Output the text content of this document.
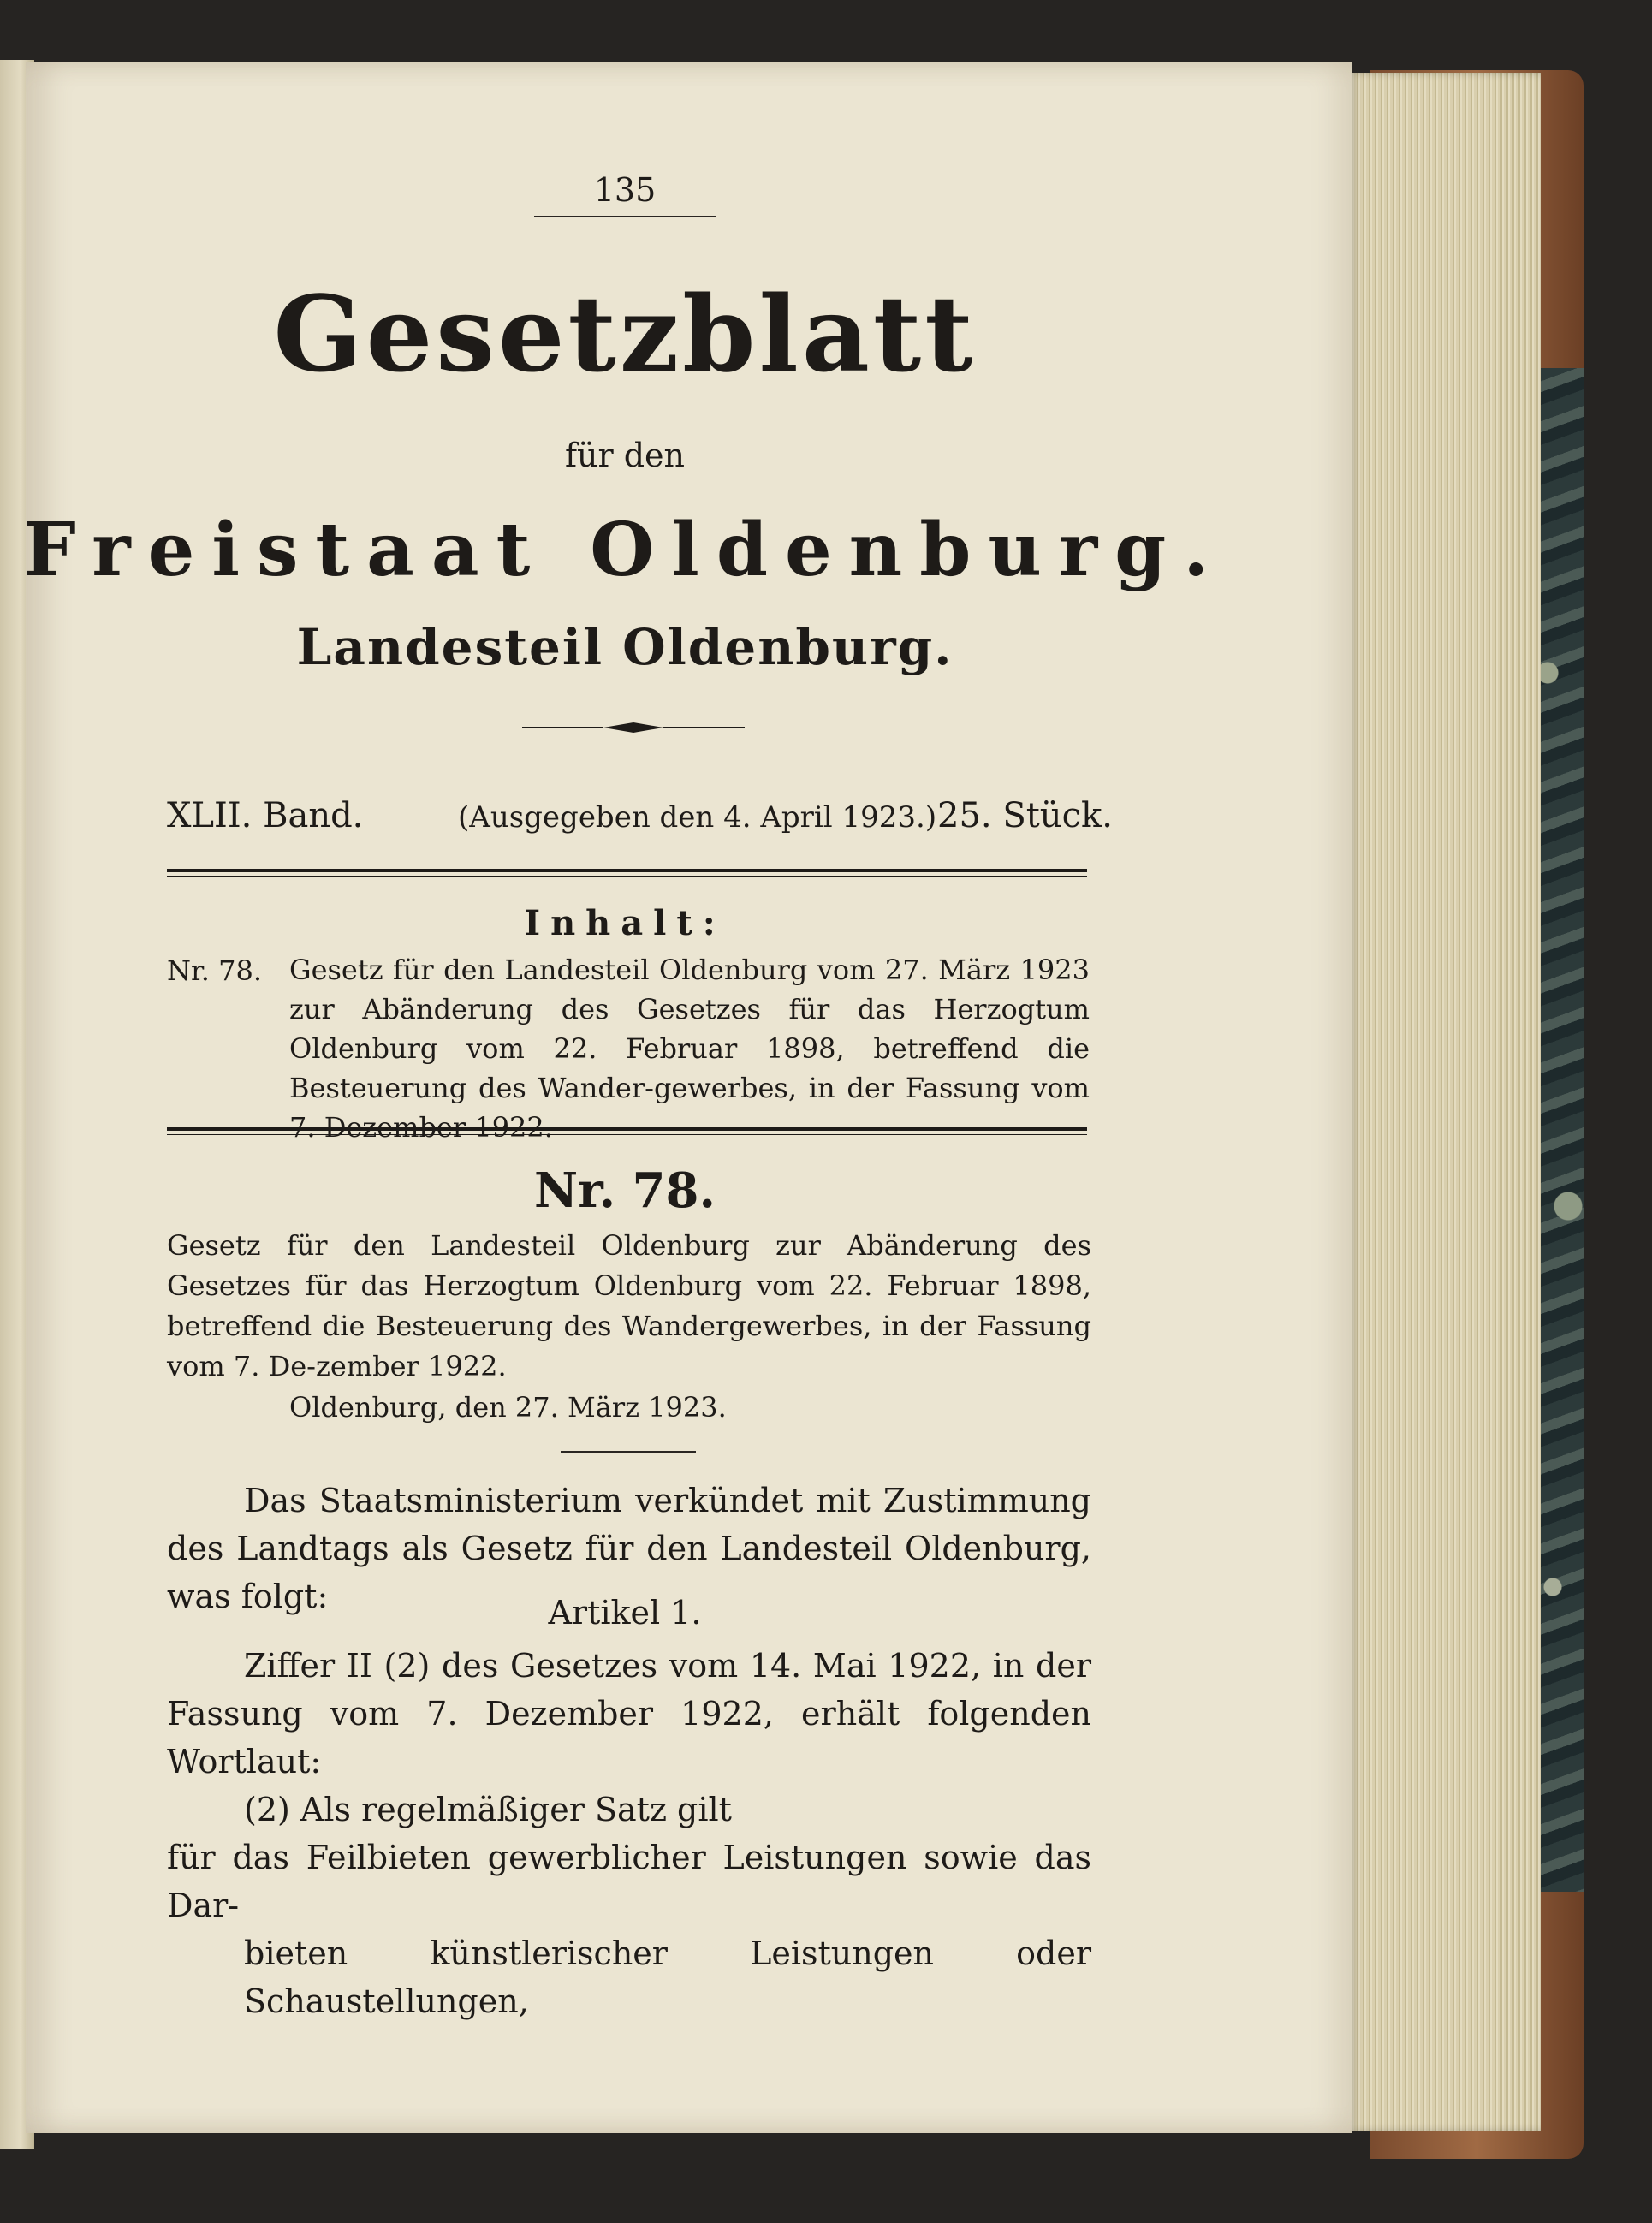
135
Gesetzblatt
für den
Freistaat Oldenburg.
Landesteil Oldenburg.
XLII. Band.	(Ausgegeben den 4. April 1923.) 25. Stück.
Inhalt:
Nr. 78. Gesetz für den Landesteil Oldenburg vom 27. März 1923 zur Abänderung des Gesetzes für das Herzogtum Oldenburg vom 22. Februar 1898, betreffend die Besteuerung des Wander-gewerbes, in der Fassung vom 7. Dezember 1922.
Nr. 78.
Gesetz für den Landesteil Oldenburg zur Abänderung des Gesetzes für das Herzogtum Oldenburg vom 22. Februar 1898, betreffend die Besteuerung des Wandergewerbes, in der Fassung vom 7. De-zember 1922.
Oldenburg, den 27. März 1923.

Das Staatsministerium verkündet mit Zustimmung des Landtags als Gesetz für den Landesteil Oldenburg, was folgt:	Artikel 1.

Ziffer II (2) des Gesetzes vom 14. Mai 1922, in der Fassung vom 7. Dezember 1922, erhält folgenden Wortlaut:

(2) Als regelmäßiger Satz gilt

für das Feilbieten gewerblicher Leistungen sowie das Dar-

bieten künstlerischer Leistungen oder Schaustellungen,
